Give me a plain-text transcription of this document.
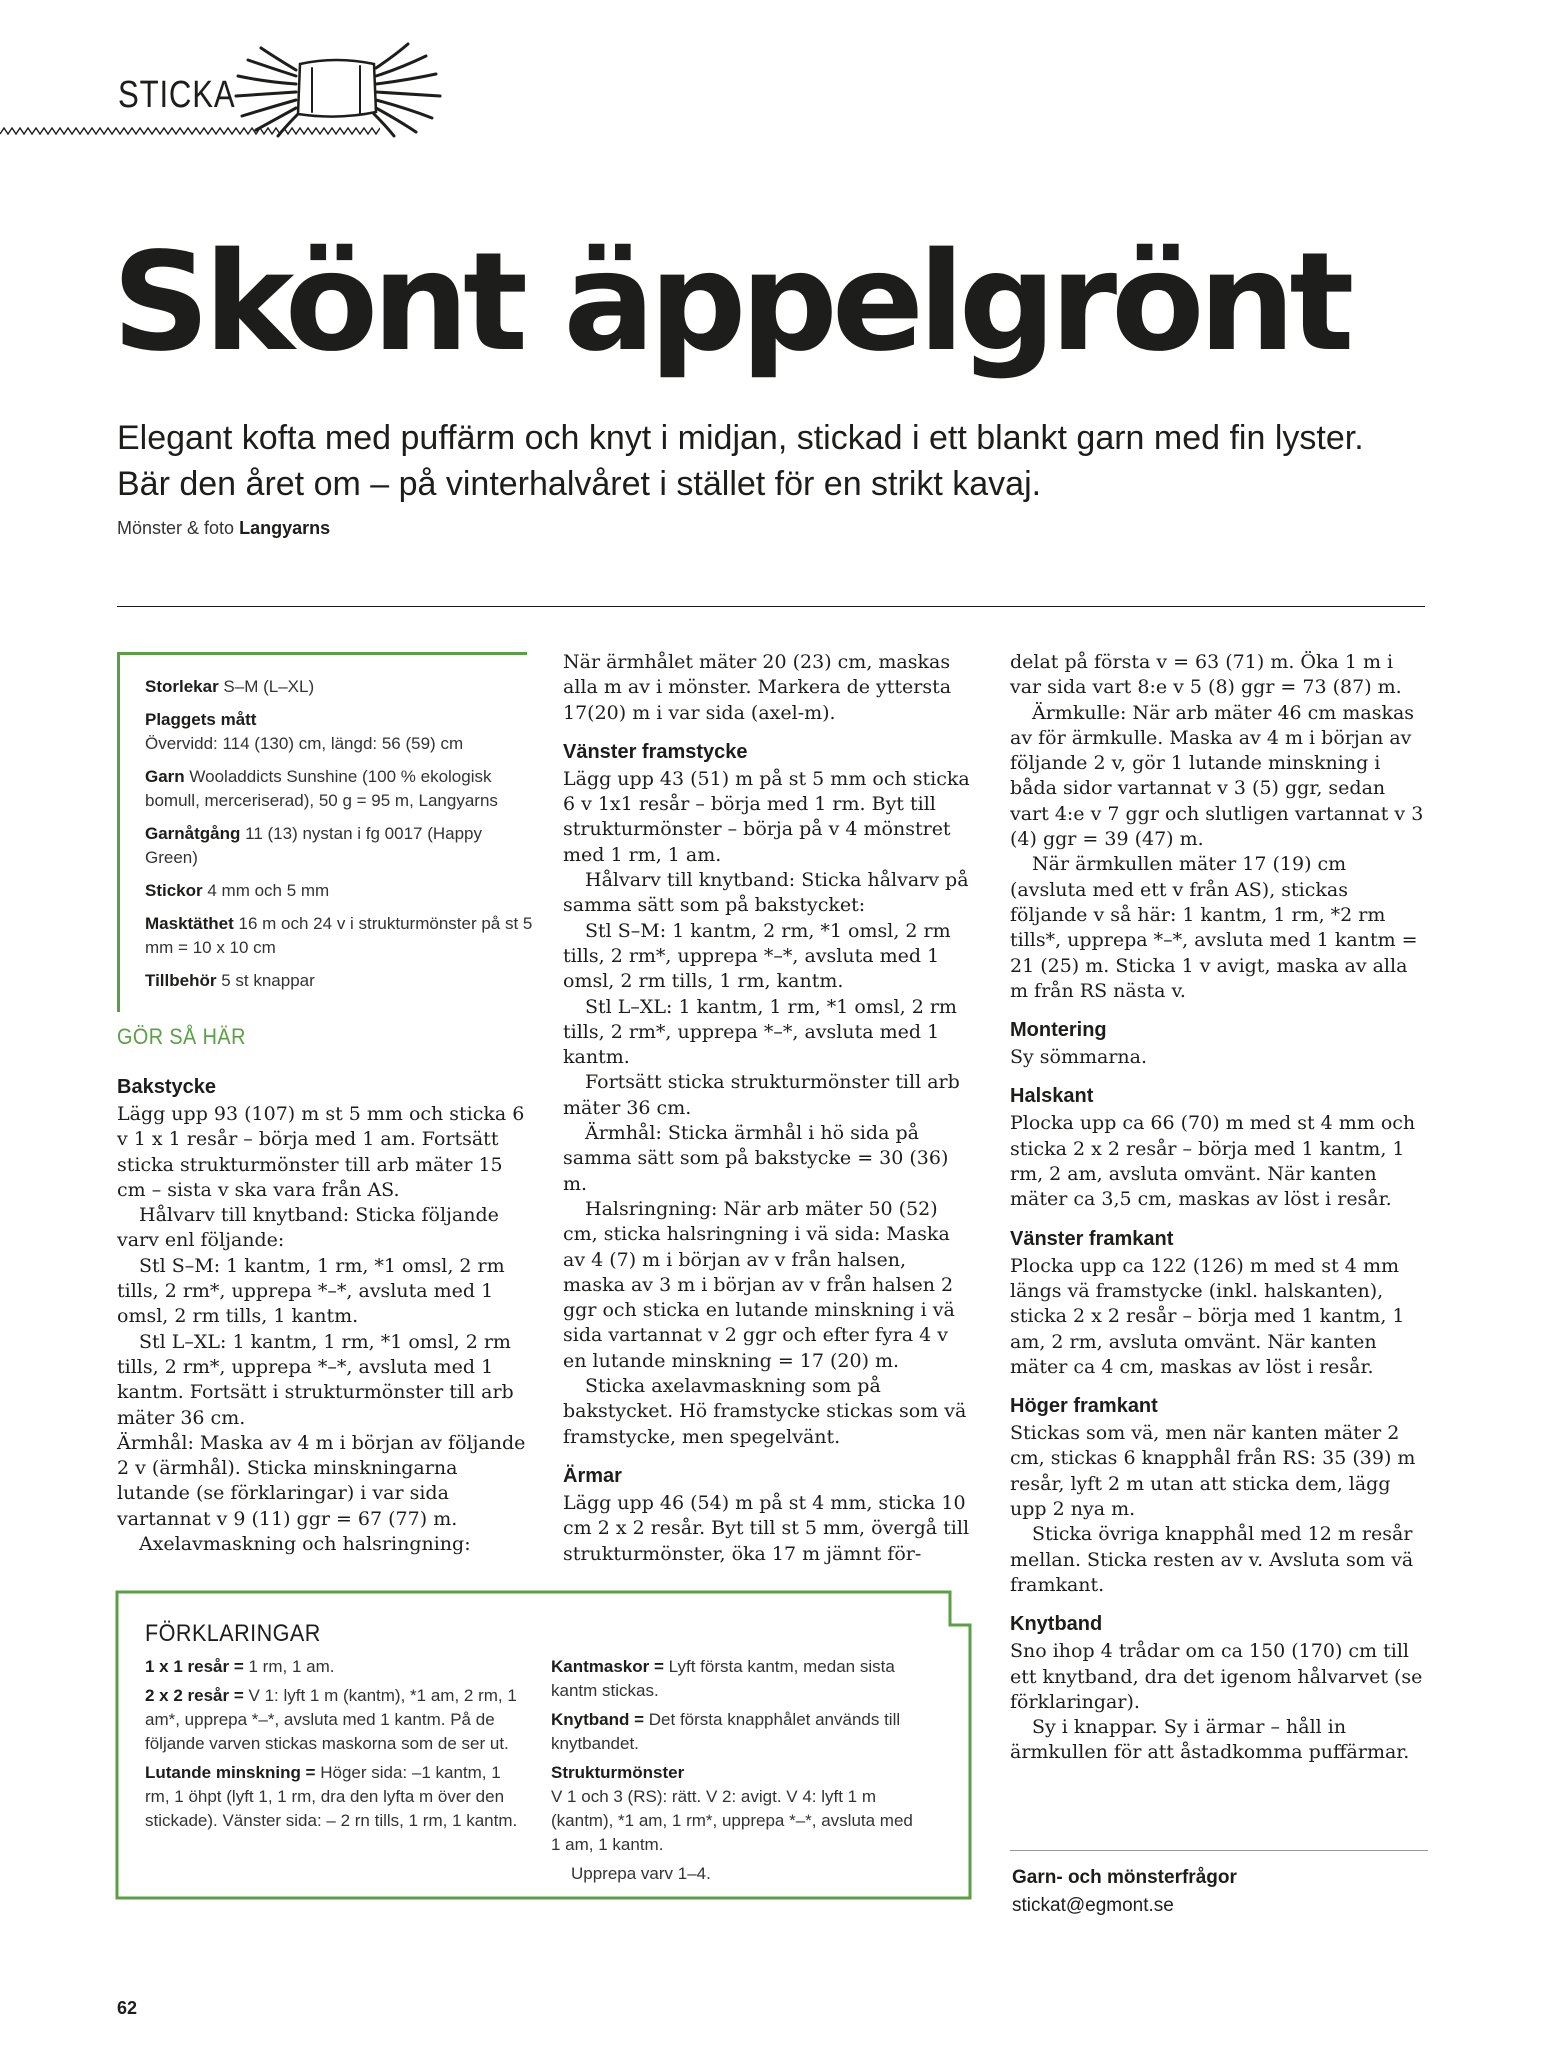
STICKA
Skönt äppelgrönt

Elegant kofta med puffärm och knyt i midjan, stickad i ett blankt garn med fin lyster. Bär den året om – på vinterhalvåret i stället för en strikt kavaj.

Mönster & foto Langyarns
Storlekar S–M (L–XL)
Plaggets mått
Övervidd: 114 (130) cm, längd: 56 (59) cm
Garn Wooladdicts Sunshine (100 % ekologisk bomull, merceriserad), 50 g = 95 m, Langyarns
Garnåtgång 11 (13) nystan i fg 0017 (Happy Green)
Stickor 4 mm och 5 mm
Masktäthet 16 m och 24 v i strukturmönster på st 5 mm = 10 x 10 cm
Tillbehör 5 st knappar
GÖR SÅ HÄR
Bakstycke

Lägg upp 93 (107) m st 5 mm och sticka 6 v 1 x 1 resår – börja med 1 am. Fortsätt sticka strukturmönster till arb mäter 15 cm – sista v ska vara från AS.

Hålvarv till knytband: Sticka följande varv enl följande:

Stl S–M: 1 kantm, 1 rm, *1 omsl, 2 rm tills, 2 rm*, upprepa *–*, avsluta med 1 omsl, 2 rm tills, 1 kantm.

Stl L–XL: 1 kantm, 1 rm, *1 omsl, 2 rm tills, 2 rm*, upprepa *–*, avsluta med 1 kantm. Fortsätt i strukturmönster till arb mäter 36 cm.

Ärmhål: Maska av 4 m i början av följande 2 v (ärmhål). Sticka minskningarna lutande (se förklaringar) i var sida vartannat v 9 (11) ggr = 67 (77) m.

Axelavmaskning och halsringning:

När ärmhålet mäter 20 (23) cm, maskas alla m av i mönster. Markera de yttersta 17(20) m i var sida (axel-m).

Vänster framstycke

Lägg upp 43 (51) m på st 5 mm och sticka 6 v 1x1 resår – börja med 1 rm. Byt till strukturmönster – börja på v 4 mönstret med 1 rm, 1 am.

Hålvarv till knytband: Sticka hålvarv på samma sätt som på bakstycket:

Stl S–M: 1 kantm, 2 rm, *1 omsl, 2 rm tills, 2 rm*, upprepa *–*, avsluta med 1 omsl, 2 rm tills, 1 rm, kantm.

Stl L–XL: 1 kantm, 1 rm, *1 omsl, 2 rm tills, 2 rm*, upprepa *–*, avsluta med 1 kantm.

Fortsätt sticka strukturmönster till arb mäter 36 cm.

Ärmhål: Sticka ärmhål i hö sida på samma sätt som på bakstycke = 30 (36) m.

Halsringning: När arb mäter 50 (52) cm, sticka halsringning i vä sida: Maska av 4 (7) m i början av v från halsen, maska av 3 m i början av v från halsen 2 ggr och sticka en lutande minskning i vä sida vartannat v 2 ggr och efter fyra 4 v en lutande minskning = 17 (20) m.

Sticka axelavmaskning som på bakstycket. Hö framstycke stickas som vä framstycke, men spegelvänt.

Ärmar

Lägg upp 46 (54) m på st 4 mm, sticka 10 cm 2 x 2 resår. Byt till st 5 mm, övergå till strukturmönster, öka 17 m jämnt för-

delat på första v = 63 (71) m. Öka 1 m i var sida vart 8:e v 5 (8) ggr = 73 (87) m.

Ärmkulle: När arb mäter 46 cm maskas av för ärmkulle. Maska av 4 m i början av följande 2 v, gör 1 lutande minskning i båda sidor vartannat v 3 (5) ggr, sedan vart 4:e v 7 ggr och slutligen vartannat v 3 (4) ggr = 39 (47) m.

När ärmkullen mäter 17 (19) cm (avsluta med ett v från AS), stickas följande v så här: 1 kantm, 1 rm, *2 rm tills*, upprepa *–*, avsluta med 1 kantm = 21 (25) m. Sticka 1 v avigt, maska av alla m från RS nästa v.

Montering

Sy sömmarna.

Halskant

Plocka upp ca 66 (70) m med st 4 mm och sticka 2 x 2 resår – börja med 1 kantm, 1 rm, 2 am, avsluta omvänt. När kanten mäter ca 3,5 cm, maskas av löst i resår.

Vänster framkant

Plocka upp ca 122 (126) m med st 4 mm längs vä framstycke (inkl. halskanten), sticka 2 x 2 resår – börja med 1 kantm, 1 am, 2 rm, avsluta omvänt. När kanten mäter ca 4 cm, maskas av löst i resår.

Höger framkant

Stickas som vä, men när kanten mäter 2 cm, stickas 6 knapphål från RS: 35 (39) m resår, lyft 2 m utan att sticka dem, lägg upp 2 nya m.

Sticka övriga knapphål med 12 m resår mellan. Sticka resten av v. Avsluta som vä framkant.

Knytband

Sno ihop 4 trådar om ca 150 (170) cm till ett knytband, dra det igenom hålvarvet (se förklaringar).

Sy i knappar. Sy i ärmar – håll in ärmkullen för att åstadkomma puffärmar.

FÖRKLARINGAR
1 x 1 resår = 1 rm, 1 am.
2 x 2 resår = V 1: lyft 1 m (kantm), *1 am, 2 rm, 1 am*, upprepa *–*, avsluta med 1 kantm. På de följande varven stickas maskorna som de ser ut.
Lutande minskning = Höger sida: –1 kantm, 1 rm, 1 öhpt (lyft 1, 1 rm, dra den lyfta m över den stickade). Vänster sida: – 2 rn tills, 1 rm, 1 kantm.
Kantmaskor = Lyft första kantm, medan sista kantm stickas.
Knytband = Det första knapphålet används till knytbandet.
Strukturmönster
V 1 och 3 (RS): rätt. V 2: avigt. V 4: lyft 1 m (kantm), *1 am, 1 rm*, upprepa *–*, avsluta med 1 am, 1 kantm.
Upprepa varv 1–4.	Garn- och mönsterfrågor
stickat@egmont.se
62
